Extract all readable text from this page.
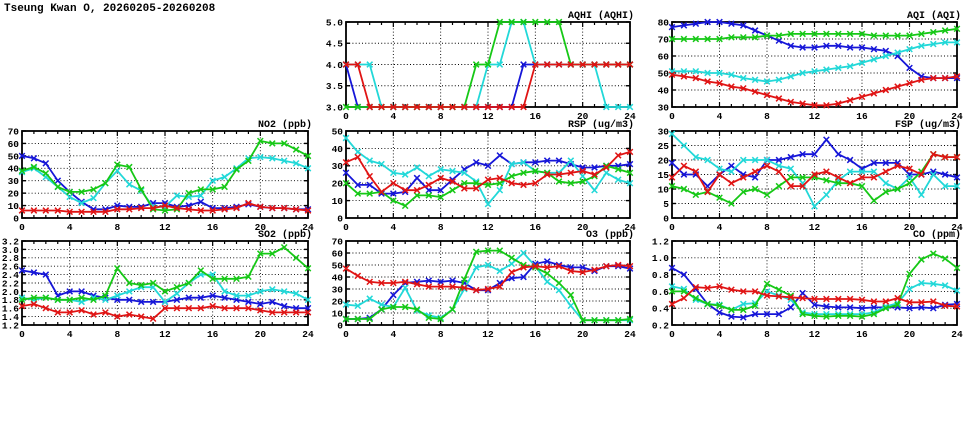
Tseung Kwan O, 20260205-20260208
3.0
3.5
4.0
4.5
5.0
0	4	8	12	16	20	24
AQHI (AQHI)
30
40
50
60
70
80
0	4	8	12	16	20	24
AQI (AQI)
0
10
20
30
40
50
60
70
0	4	8	12	16	20	24
NO2 (ppb)
0
10
20
30
40
50
0	4	8	12	16	20	24
RSP (ug/m3)
0
5
10
15
20
25
30
0	4	8	12	16	20	24
FSP (ug/m3)
1.2
1.4
1.6
1.8
2.0
2.2
2.4
2.6
2.8
3.0
3.2
0	4	8	12	16	20	24
SO2 (ppb)
0
10
20
30
40
50
60
70
0	4	8	12	16	20	24
O3 (ppb)
0.2
0.4
0.6
0.8
1.0
1.2
0	4	8	12	16	20	24
CO (ppm)
